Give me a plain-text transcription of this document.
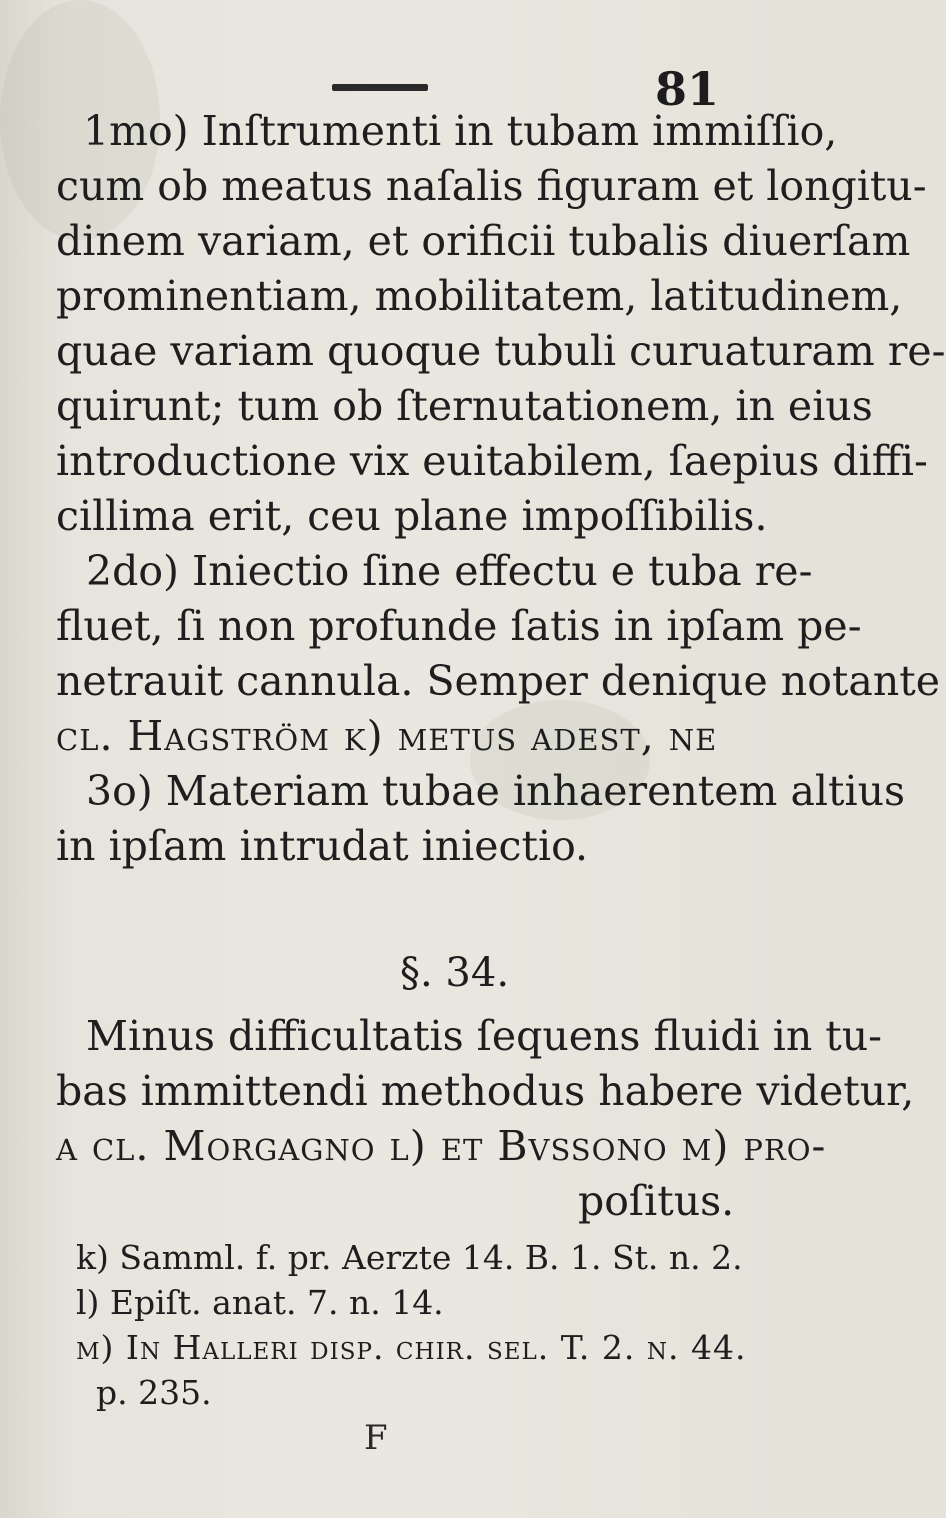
81
1mo) Inſtrumenti in tubam immiſſio,
cum ob meatus naſalis figuram et longitu-
dinem variam, et orificii tubalis diuerſam
prominentiam, mobilitatem, latitudinem,
quae variam quoque tubuli curuaturam re-
quirunt; tum ob ſternutationem, in eius
introductione vix euitabilem, ſaepius diffi-
cillima erit, ceu plane impoſſibilis.
2do) Iniectio ſine effectu e tuba re-
fluet, ſi non profunde ſatis in ipſam pe-
netrauit cannula. Semper denique notante
cl. Hagström k) metus adeſt, ne
3o) Materiam tubae inhaerentem altius
in ipſam intrudat iniectio.
§. 34.
Minus difficultatis ſequens fluidi in tu-
bas immittendi methodus habere videtur,
a cl. Morgagno l) et Bvssono m) pro-
poſitus.
k) Samml. f. pr. Aerzte 14. B. 1. St. n. 2.
l) Epiſt. anat. 7. n. 14.
m) In Halleri diſp. chir. ſel. T. 2. n. 44.
p. 235.
F
